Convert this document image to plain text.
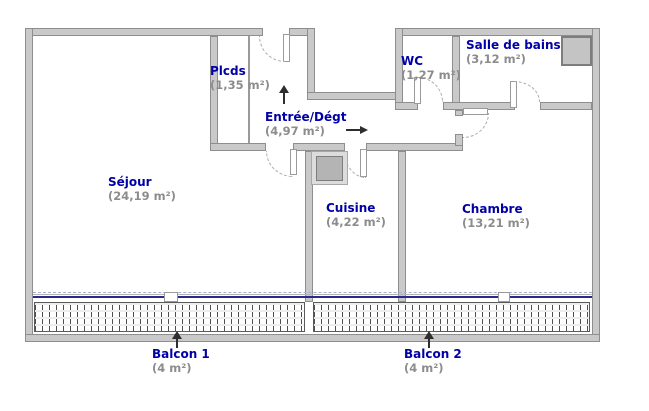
Séjour
(24,19 m²)
Plcds
(1,35 m²)
Entrée/Dégt
(4,97 m²)
WC
(1,27 m²)
Salle de bains
(3,12 m²)
Cuisine
(4,22 m²)
Chambre
(13,21 m²)
Balcon 1
(4 m²)
Balcon 2
(4 m²)
